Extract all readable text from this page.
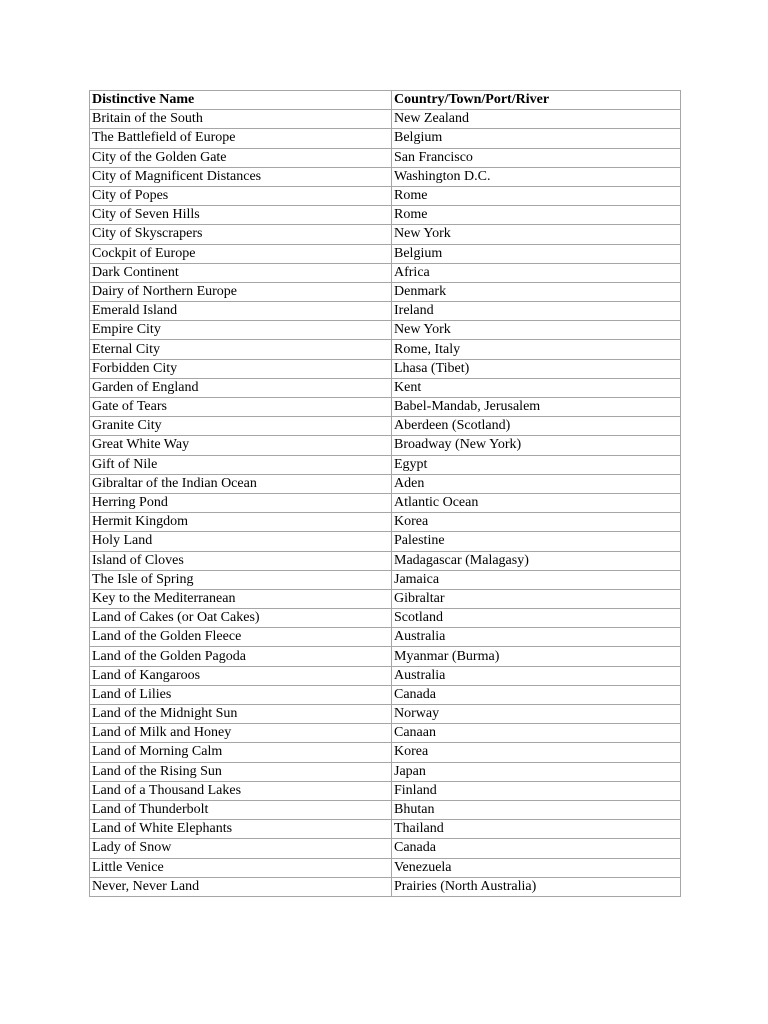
Distinctive Name	Country/Town/Port/River
Britain of the South	New Zealand
The Battlefield of Europe	Belgium
City of the Golden Gate	San Francisco
City of Magnificent Distances	Washington D.C.
City of Popes	Rome
City of Seven Hills	Rome
City of Skyscrapers	New York
Cockpit of Europe	Belgium
Dark Continent	Africa
Dairy of Northern Europe	Denmark
Emerald Island	Ireland
Empire City	New York
Eternal City	Rome, Italy
Forbidden City	Lhasa (Tibet)
Garden of England	Kent
Gate of Tears	Babel-Mandab, Jerusalem
Granite City	Aberdeen (Scotland)
Great White Way	Broadway (New York)
Gift of Nile	Egypt
Gibraltar of the Indian Ocean	Aden
Herring Pond	Atlantic Ocean
Hermit Kingdom	Korea
Holy Land	Palestine
Island of Cloves	Madagascar (Malagasy)
The Isle of Spring	Jamaica
Key to the Mediterranean	Gibraltar
Land of Cakes (or Oat Cakes)	Scotland
Land of the Golden Fleece	Australia
Land of the Golden Pagoda	Myanmar (Burma)
Land of Kangaroos	Australia
Land of Lilies	Canada
Land of the Midnight Sun	Norway
Land of Milk and Honey	Canaan
Land of Morning Calm	Korea
Land of the Rising Sun	Japan
Land of a Thousand Lakes	Finland
Land of Thunderbolt	Bhutan
Land of White Elephants	Thailand
Lady of Snow	Canada
Little Venice	Venezuela
Never, Never Land	Prairies (North Australia)
